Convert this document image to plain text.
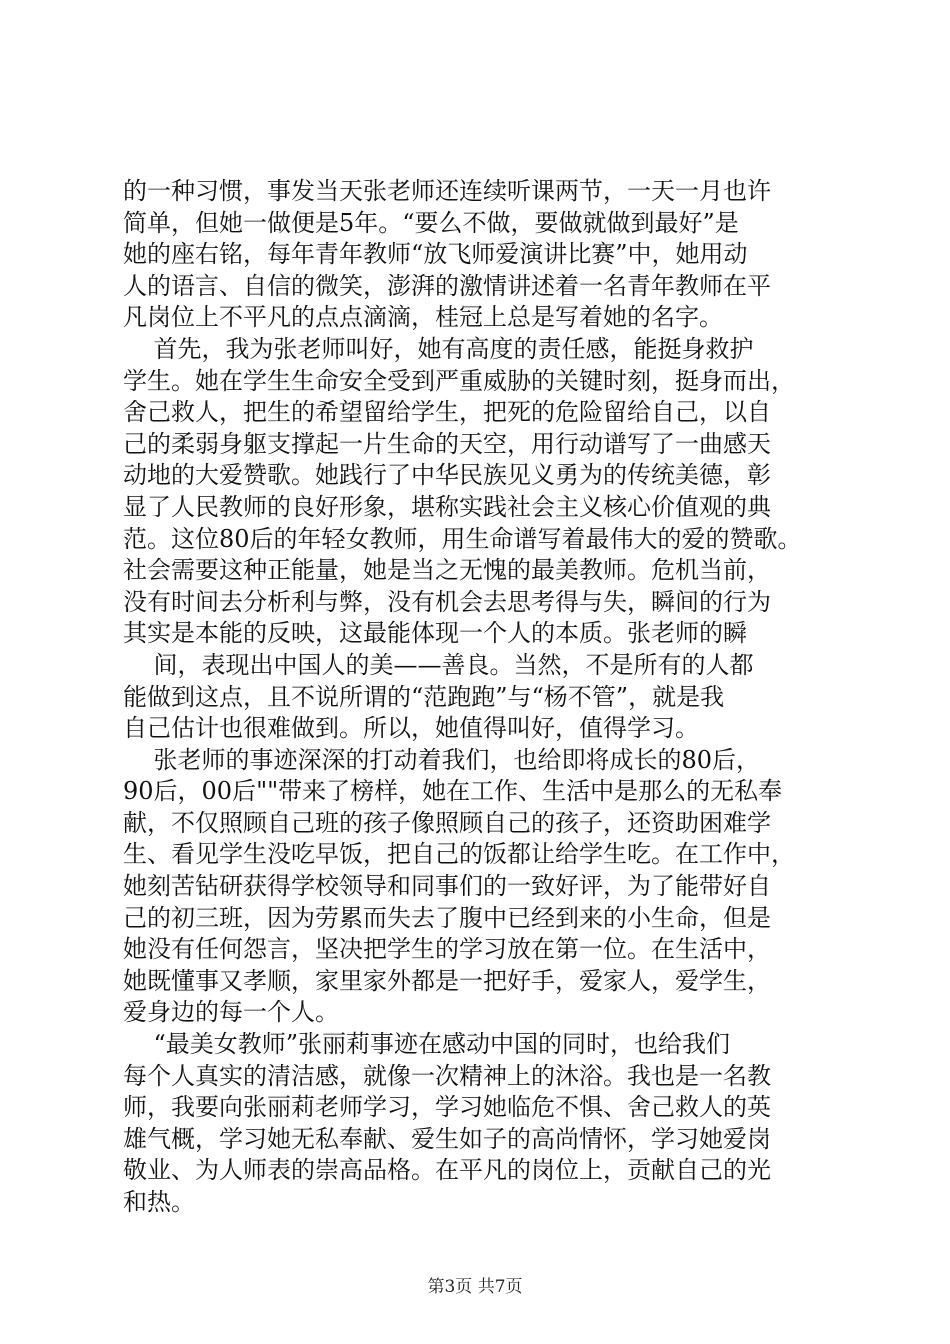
的一种习惯，事发当天张老师还连续听课两节，一天一月也许
简单，但她一做便是5年。“要么不做，要做就做到最好”是
她的座右铭，每年青年教师“放飞师爱演讲比赛”中，她用动
人的语言、自信的微笑，澎湃的激情讲述着一名青年教师在平
凡岗位上不平凡的点点滴滴，桂冠上总是写着她的名字。

首先，我为张老师叫好，她有高度的责任感，能挺身救护
学生。她在学生生命安全受到严重威胁的关键时刻，挺身而出，
舍己救人，把生的希望留给学生，把死的危险留给自己，以自
己的柔弱身躯支撑起一片生命的天空，用行动谱写了一曲感天
动地的大爱赞歌。她践行了中华民族见义勇为的传统美德，彰
显了人民教师的良好形象，堪称实践社会主义核心价值观的典
范。这位80后的年轻女教师，用生命谱写着最伟大的爱的赞歌。
社会需要这种正能量，她是当之无愧的最美教师。危机当前，
没有时间去分析利与弊，没有机会去思考得与失，瞬间的行为
其实是本能的反映，这最能体现一个人的本质。张老师的瞬

间，表现出中国人的美——善良。当然，不是所有的人都
能做到这点，且不说所谓的“范跑跑”与“杨不管”，就是我
自己估计也很难做到。所以，她值得叫好，值得学习。

张老师的事迹深深的打动着我们，也给即将成长的80后，
90后，00后""带来了榜样，她在工作、生活中是那么的无私奉
献，不仅照顾自己班的孩子像照顾自己的孩子，还资助困难学
生、看见学生没吃早饭，把自己的饭都让给学生吃。在工作中，
她刻苦钻研获得学校领导和同事们的一致好评，为了能带好自
己的初三班，因为劳累而失去了腹中已经到来的小生命，但是
她没有任何怨言，坚决把学生的学习放在第一位。在生活中，
她既懂事又孝顺，家里家外都是一把好手，爱家人，爱学生，
爱身边的每一个人。

“最美女教师”张丽莉事迹在感动中国的同时，也给我们
每个人真实的清洁感，就像一次精神上的沐浴。我也是一名教
师，我要向张丽莉老师学习，学习她临危不惧、舍己救人的英
雄气概，学习她无私奉献、爱生如子的高尚情怀，学习她爱岗
敬业、为人师表的崇高品格。在平凡的岗位上，贡献自己的光
和热。

第3页 共7页
